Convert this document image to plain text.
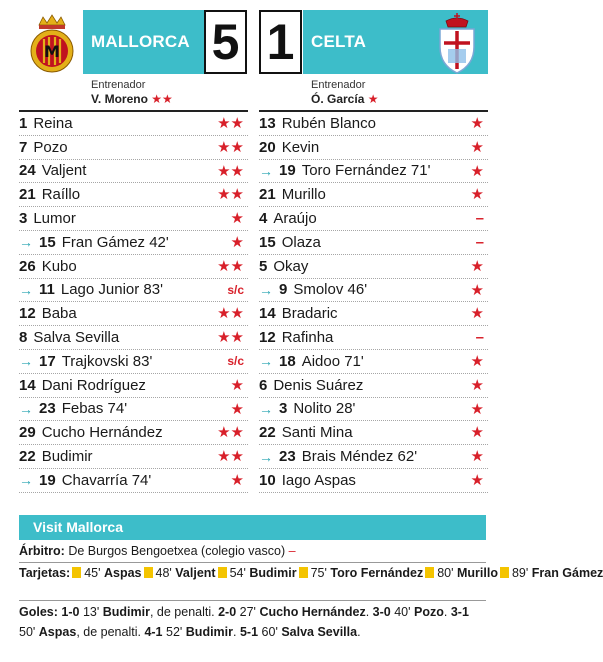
M
MALLORCA 5
Entrenador
V. Moreno ★★
1 Reina	★★
7 Pozo	★★
24 Valjent	★★
21 Raíllo	★★
3 Lumor	★
→ 15 Fran Gámez 42'	★
26 Kubo	★★
→ 11 Lago Junior 83'	s/c
12 Baba	★★
8 Salva Sevilla	★★
→ 17 Trajkovski 83'	s/c
14 Dani Rodríguez	★
→ 23 Febas 74'	★
29 Cucho Hernández	★★
22 Budimir	★★
→ 19 Chavarría 74'	★
1 CELTA
Entrenador
Ó. García ★
13 Rubén Blanco	★
20 Kevin	★
→ 19 Toro Fernández 71'	★
21 Murillo	★
4 Araújo	–
15 Olaza	–
5 Okay	★
→ 9 Smolov 46'	★
14 Bradaric	★
12 Rafinha	–
→ 18 Aidoo 71'	★
6 Denis Suárez	★
→ 3 Nolito 28'	★
22 Santi Mina	★
→ 23 Brais Méndez 62'	★
10 Iago Aspas	★
Visit Mallorca
Árbitro: De Burgos Bengoetxea (colegio vasco) –
Tarjetas: 45' Aspas 48' Valjent 54' Budimir 75' Toro Fernández 80' Murillo 89' Fran Gámez
Goles: 1-0 13' Budimir, de penalti. 2-0 27' Cucho Hernández. 3-0 40' Pozo. 3-1 50' Aspas, de penalti. 4-1 52' Budimir. 5-1 60' Salva Sevilla.
